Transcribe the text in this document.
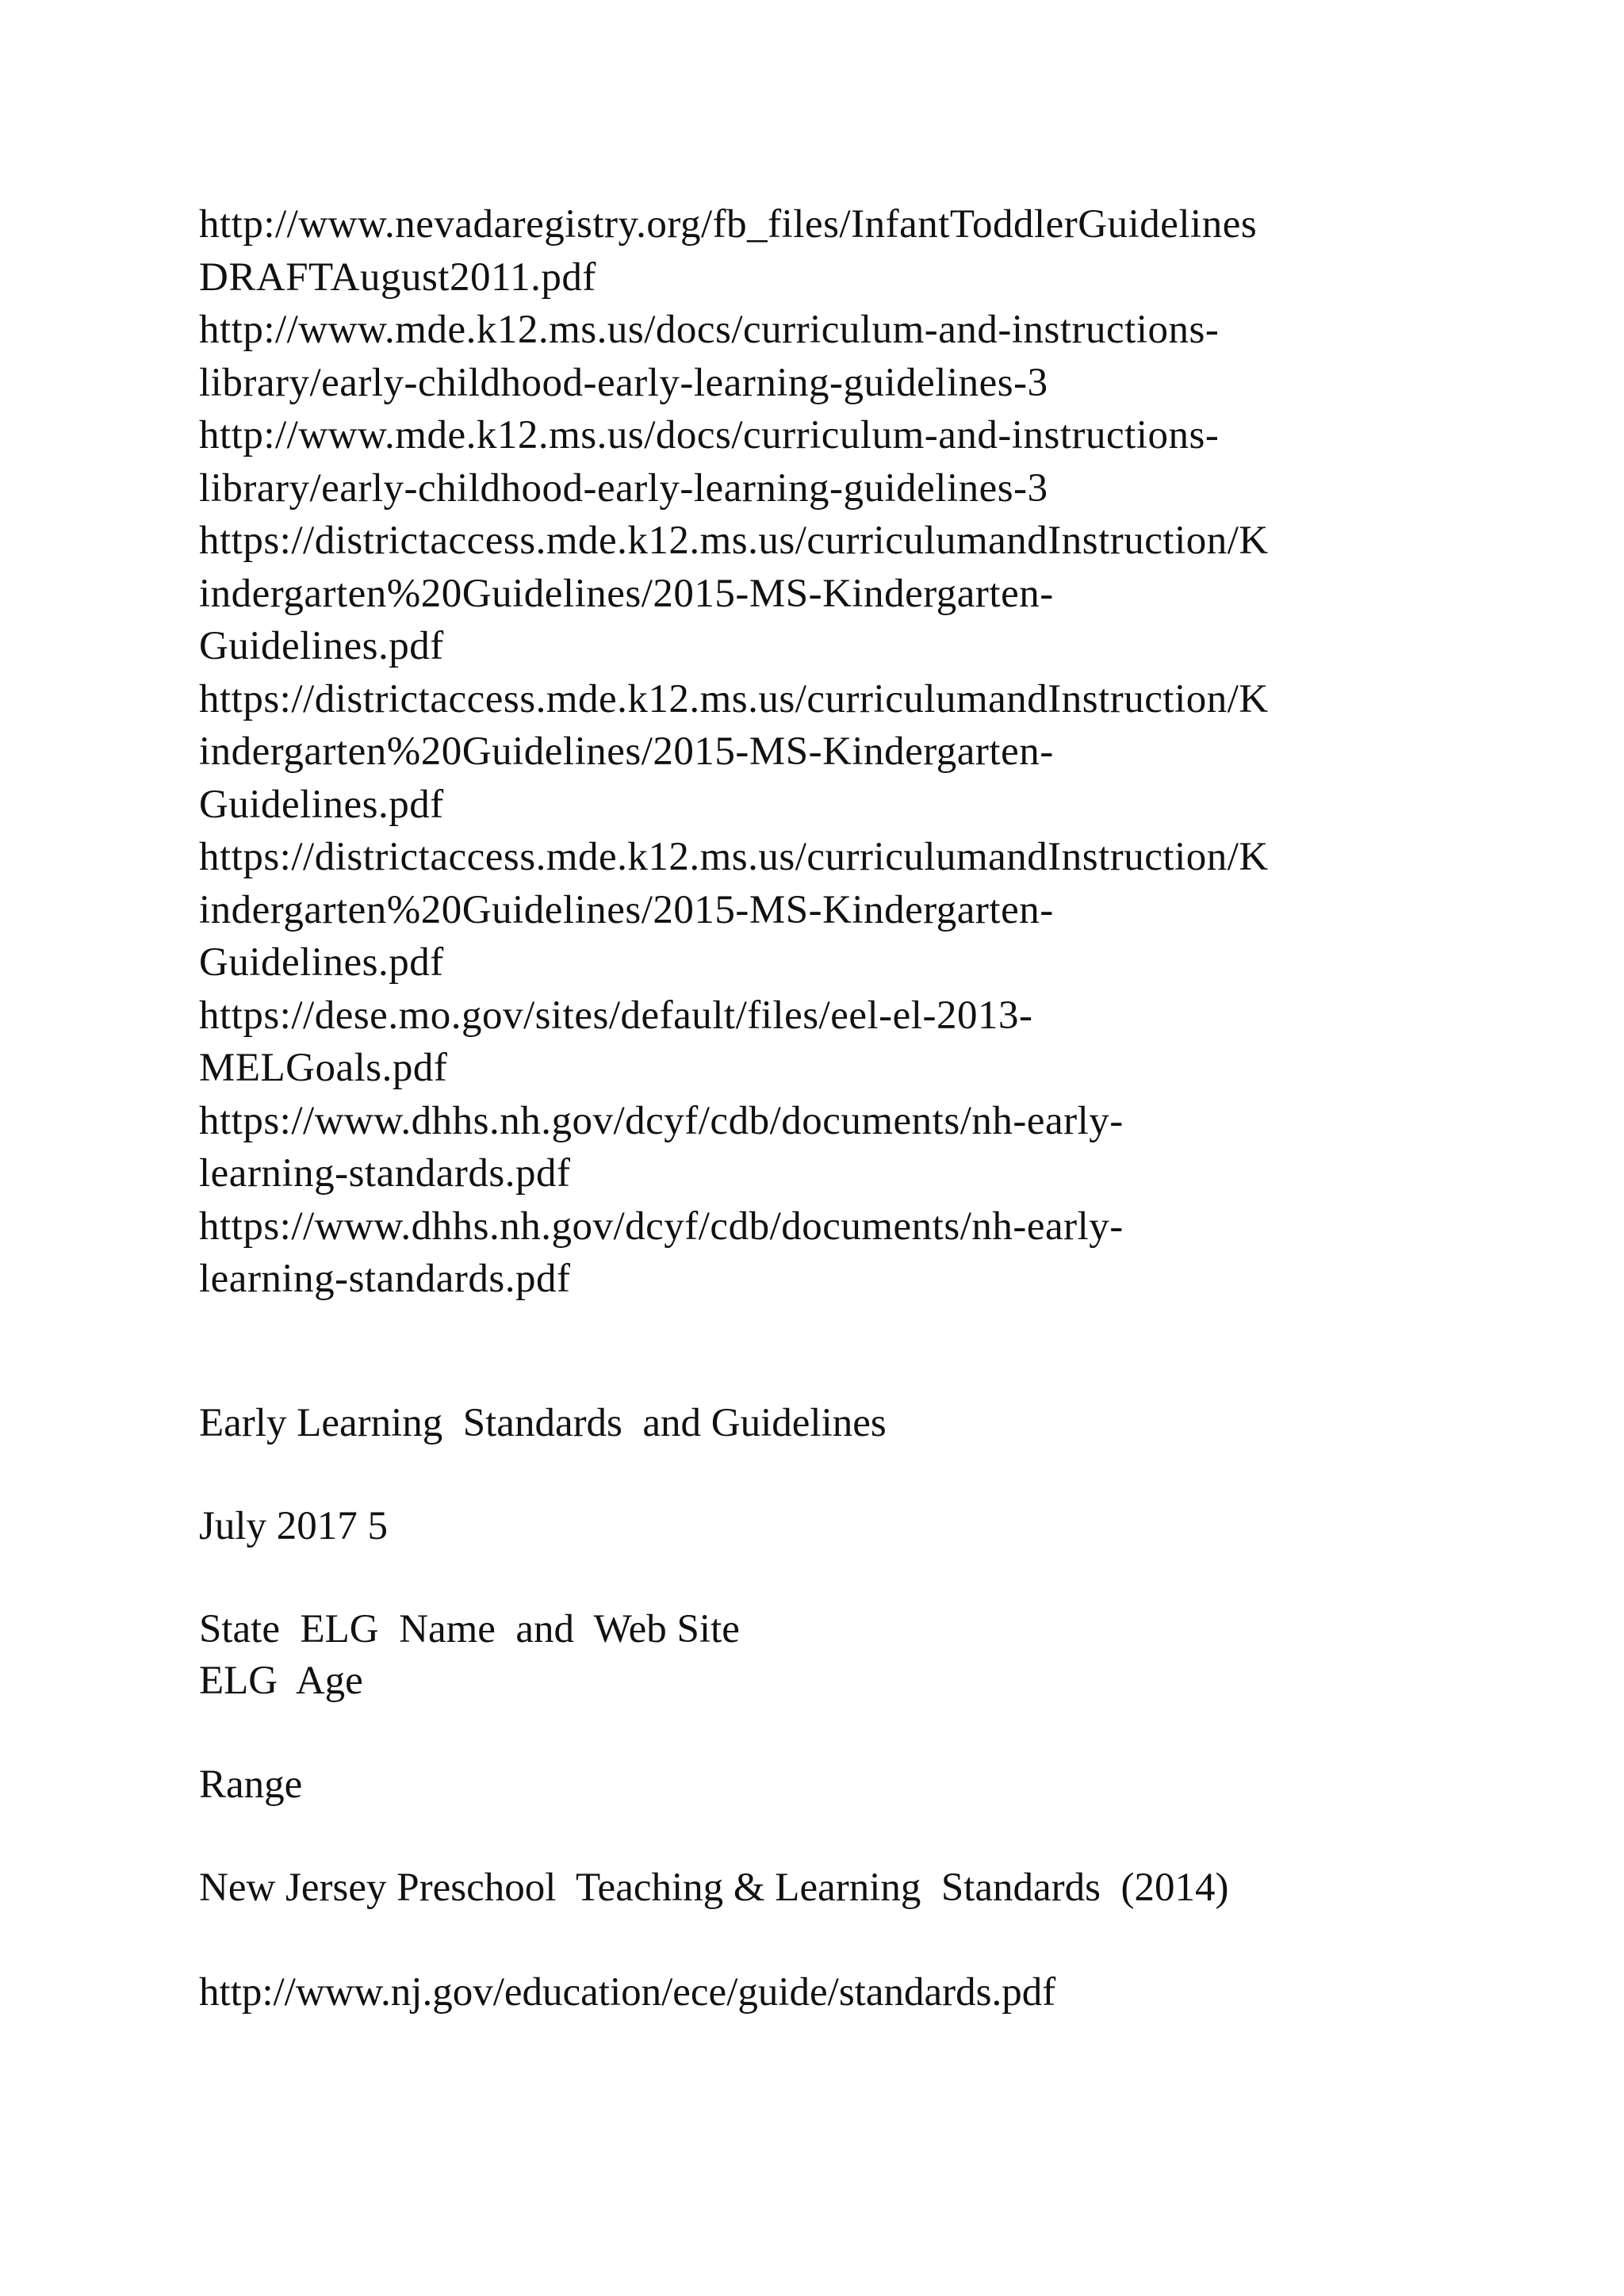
http://www.nevadaregistry.org/fb_files/InfantToddlerGuidelines
DRAFTAugust2011.pdf
http://www.mde.k12.ms.us/docs/curriculum-and-instructions-
library/early-childhood-early-learning-guidelines-3
http://www.mde.k12.ms.us/docs/curriculum-and-instructions-
library/early-childhood-early-learning-guidelines-3
https://districtaccess.mde.k12.ms.us/curriculumandInstruction/K
indergarten%20Guidelines/2015-MS-Kindergarten-
Guidelines.pdf
https://districtaccess.mde.k12.ms.us/curriculumandInstruction/K
indergarten%20Guidelines/2015-MS-Kindergarten-
Guidelines.pdf
https://districtaccess.mde.k12.ms.us/curriculumandInstruction/K
indergarten%20Guidelines/2015-MS-Kindergarten-
Guidelines.pdf
https://dese.mo.gov/sites/default/files/eel-el-2013-
MELGoals.pdf
https://www.dhhs.nh.gov/dcyf/cdb/documents/nh-early-
learning-standards.pdf
https://www.dhhs.nh.gov/dcyf/cdb/documents/nh-early-
learning-standards.pdf

Early Learning  Standards  and Guidelines

July 2017 5

State  ELG  Name  and  Web Site

ELG  Age

Range

New Jersey Preschool  Teaching & Learning  Standards  (2014)

http://www.nj.gov/education/ece/guide/standards.pdf
